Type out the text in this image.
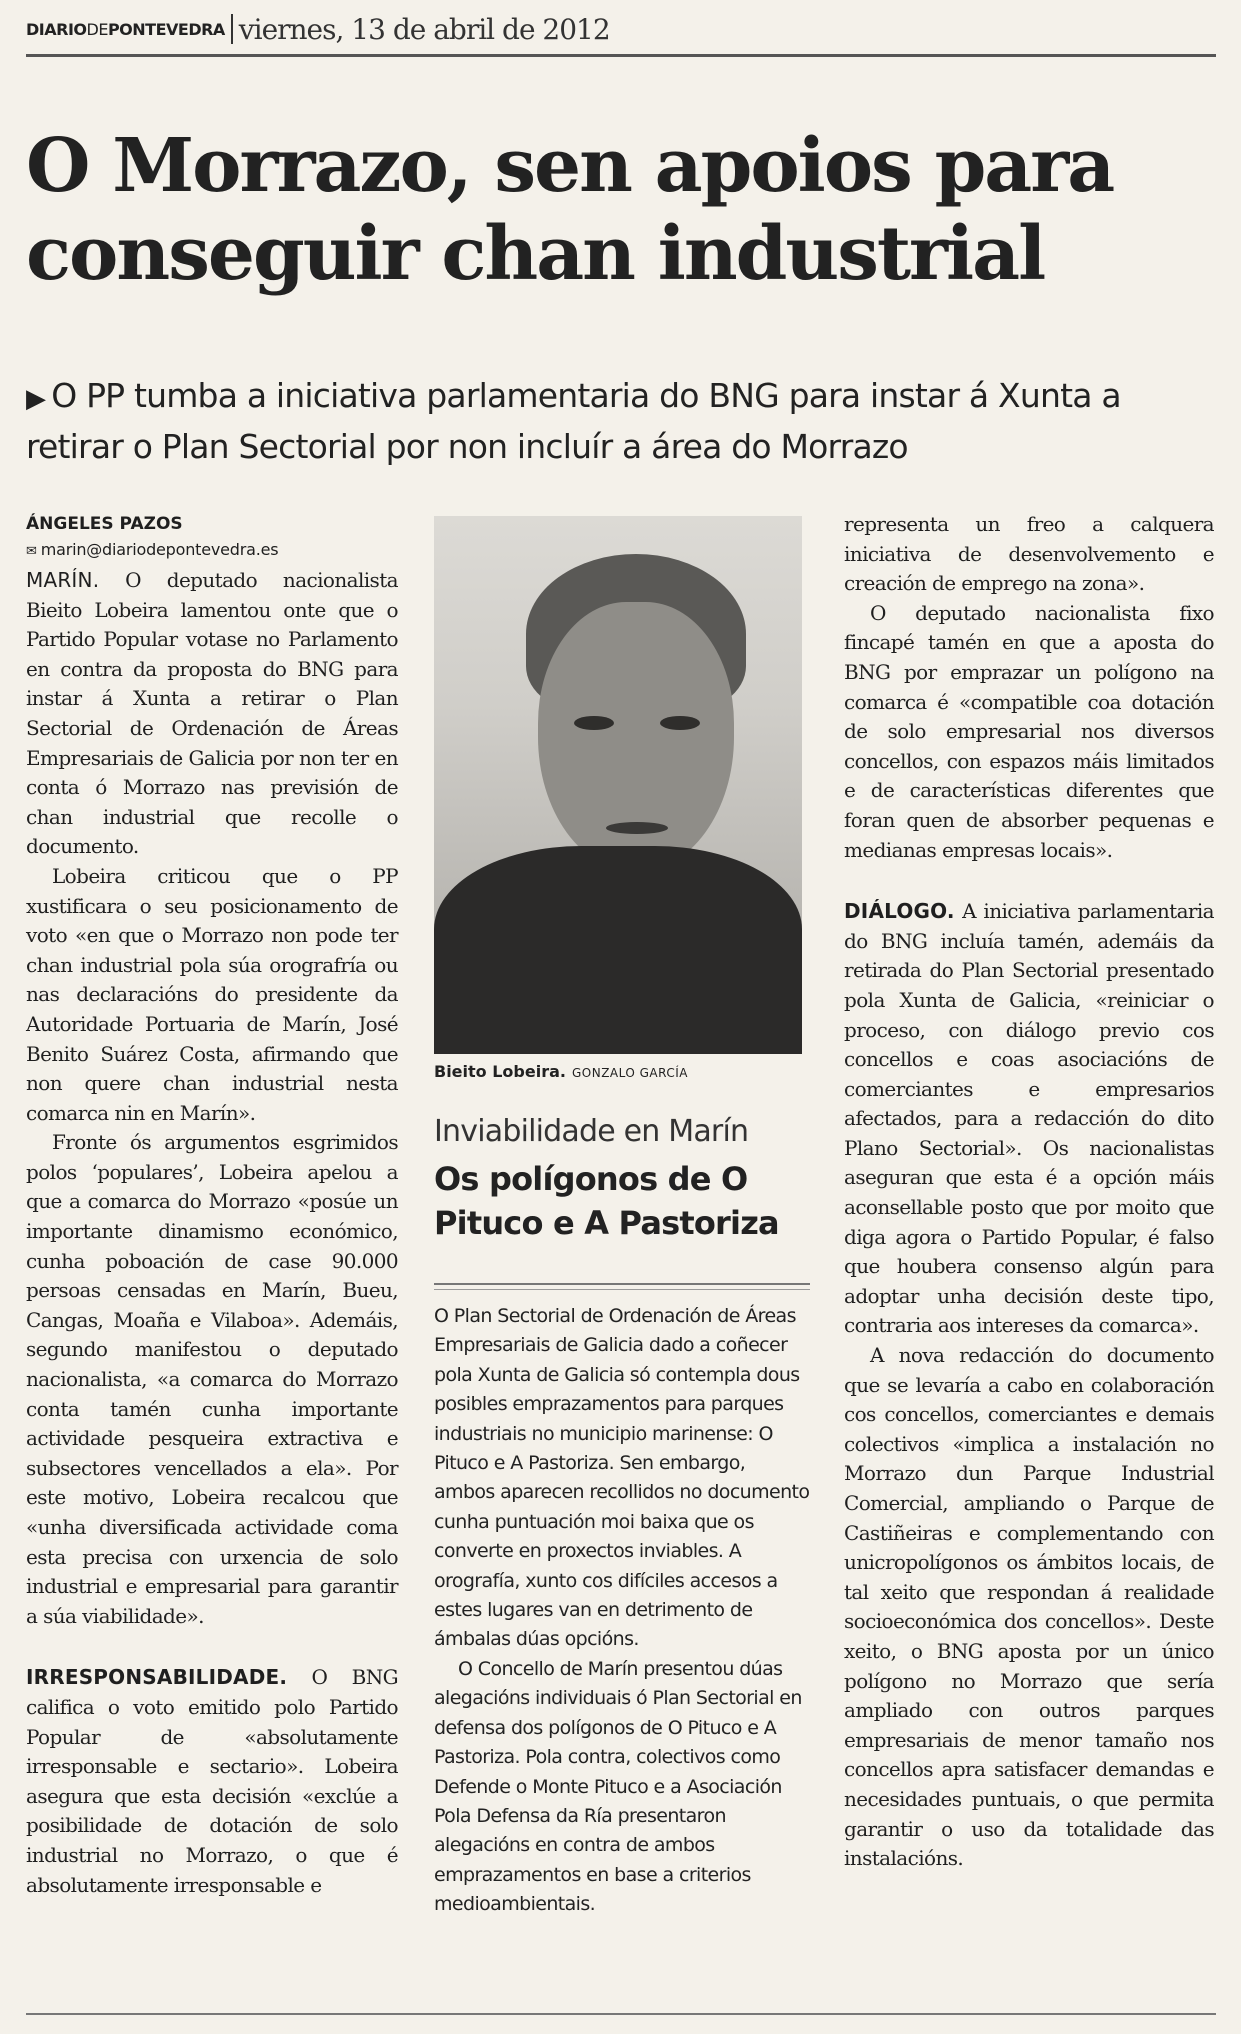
DIARIODEPONTEVEDRA viernes, 13 de abril de 2012
O Morrazo, sen apoios para conseguir chan industrial

▶ O PP tumba a iniciativa parlamentaria do BNG para instar á Xunta a retirar o Plan Sectorial por non incluír a área do Morrazo

ÁNGELES PAZOS
✉ marin@diariodepontevedra.es

MARÍN. O deputado nacionalista Bieito Lobeira lamentou onte que o Partido Popular votase no Parlamento en contra da proposta do BNG para instar á Xunta a retirar o Plan Sectorial de Ordenación de Áreas Empresariais de Galicia por non ter en conta ó Morrazo nas previsión de chan industrial que recolle o documento.

Lobeira criticou que o PP xustificara o seu posicionamento de voto «en que o Morrazo non pode ter chan industrial pola súa orografría ou nas declaracións do presidente da Autoridade Portuaria de Marín, José Benito Suárez Costa, afirmando que non quere chan industrial nesta comarca nin en Marín».

Fronte ós argumentos esgrimidos polos ‘populares’, Lobeira apelou a que a comarca do Morrazo «posúe un importante dinamismo económico, cunha poboación de case 90.000 persoas censadas en Marín, Bueu, Cangas, Moaña e Vilaboa». Ademáis, segundo manifestou o deputado nacionalista, «a comarca do Morrazo conta tamén cunha importante actividade pesqueira extractiva e subsectores vencellados a ela». Por este motivo, Lobeira recalcou que «unha diversificada actividade coma esta precisa con urxencia de solo industrial e empresarial para garantir a súa viabilidade».

IRRESPONSABILIDADE. O BNG califica o voto emitido polo Partido Popular de «absolutamente irresponsable e sectario». Lobeira asegura que esta decisión «exclúe a posibilidade de dotación de solo industrial no Morrazo, o que é absolutamente irresponsable e

Bieito Lobeira. GONZALO GARCÍA

Inviabilidade en Marín

Os polígonos de O Pituco e A Pastoriza

O Plan Sectorial de Ordenación de Áreas Empresariais de Galicia dado a coñecer pola Xunta de Galicia só contempla dous posibles emprazamentos para parques industriais no municipio marinense: O Pituco e A Pastoriza. Sen embargo, ambos aparecen recollidos no documento cunha puntuación moi baixa que os converte en proxectos inviables. A orografía, xunto cos difíciles accesos a estes lugares van en detrimento de ámbalas dúas opcións.

O Concello de Marín presentou dúas alegacións individuais ó Plan Sectorial en defensa dos polígonos de O Pituco e A Pastoriza. Pola contra, colectivos como Defende o Monte Pituco e a Asociación Pola Defensa da Ría presentaron alegacións en contra de ambos emprazamentos en base a criterios medioambientais.

representa un freo a calquera iniciativa de desenvolvemento e creación de emprego na zona».

O deputado nacionalista fixo fincapé tamén en que a aposta do BNG por emprazar un polígono na comarca é «compatible coa dotación de solo empresarial nos diversos concellos, con espazos máis limitados e de características diferentes que foran quen de absorber pequenas e medianas empresas locais».

DIÁLOGO. A iniciativa parlamentaria do BNG incluía tamén, ademáis da retirada do Plan Sectorial presentado pola Xunta de Galicia, «reiniciar o proceso, con diálogo previo cos concellos e coas asociacións de comerciantes e empresarios afectados, para a redacción do dito Plano Sectorial». Os nacionalistas aseguran que esta é a opción máis aconsellable posto que por moito que diga agora o Partido Popular, é falso que houbera consenso algún para adoptar unha decisión deste tipo, contraria aos intereses da comarca».

A nova redacción do documento que se levaría a cabo en colaboración cos concellos, comerciantes e demais colectivos «implica a instalación no Morrazo dun Parque Industrial Comercial, ampliando o Parque de Castiñeiras e complementando con unicropolígonos os ámbitos locais, de tal xeito que respondan á realidade socioeconómica dos concellos». Deste xeito, o BNG aposta por un único polígono no Morrazo que sería ampliado con outros parques empresariais de menor tamaño nos concellos apra satisfacer demandas e necesidades puntuais, o que permita garantir o uso da totalidade das instalacións.
